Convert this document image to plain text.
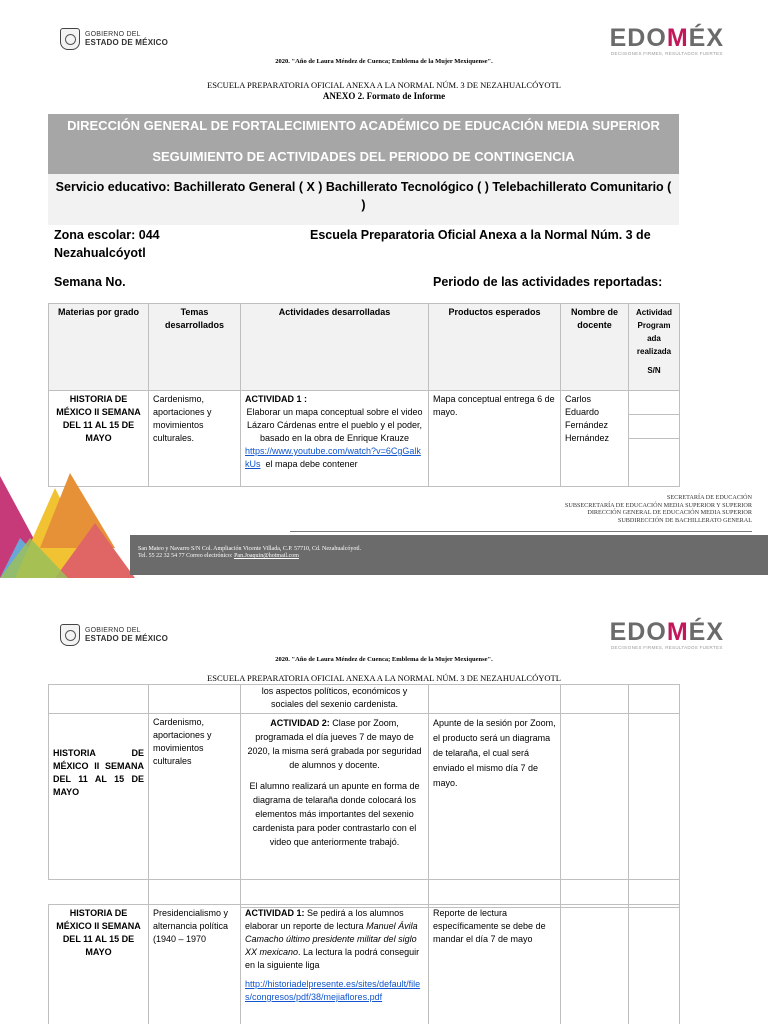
GOBIERNO DEL
ESTADO DE MÉXICO	EDOMÉX
DECISIONES FIRMES, RESULTADOS FUERTES
2020. "Año de Laura Méndez de Cuenca; Emblema de la Mujer Mexiquense".
ESCUELA PREPARATORIA OFICIAL ANEXA A LA NORMAL NÚM. 3 DE NEZAHUALCÓYOTL
ANEXO 2. Formato de Informe
DIRECCIÓN GENERAL DE FORTALECIMIENTO ACADÉMICO DE EDUCACIÓN MEDIA SUPERIOR
SEGUIMIENTO DE ACTIVIDADES DEL PERIODO DE CONTINGENCIA
Servicio educativo: Bachillerato General ( X ) Bachillerato Tecnológico ( ) Telebachillerato Comunitario ( )
Zona escolar: 044	Escuela Preparatoria Oficial Anexa a la Normal Núm. 3 de
Nezahualcóyotl
Semana No.	Periodo de las actividades reportadas:
Materias por grado	Temas desarrollados	Actividades desarrolladas	Productos esperados	Nombre de docente	Actividad Program ada realizada
S/N

HISTORIA DE MÉXICO II SEMANA DEL 11 AL 15 DE MAYO	Cardenismo, aportaciones y movimientos culturales.	ACTIVIDAD 1 :
Elaborar un mapa conceptual sobre el video Lázaro Cárdenas entre el pueblo y el poder, basado en la obra de Enrique Krauze
https://www.youtube.com/watch?v=6CgGalkkUs el mapa debe contener	Mapa conceptual entrega 6 de mayo.	Carlos Eduardo Fernández Hernández	
SECRETARÍA DE EDUCACIÓN
SUBSECRETARÍA DE EDUCACIÓN MEDIA SUPERIOR Y SUPERIOR
DIRECCIÓN GENERAL DE EDUCACIÓN MEDIA SUPERIOR
SUBDIRECCIÓN DE BACHILLERATO GENERAL
San Mateo y Navarro S/N Col. Ampliación Vicente Villada, C.P. 57710, Cd. Nezahualcóyotl.
Tel. 55 22 32 54 77 Correo electrónico: Pan.Joaquin@hotmail.com
GOBIERNO DEL
ESTADO DE MÉXICO	EDOMÉX
DECISIONES FIRMES, RESULTADOS FUERTES
2020. "Año de Laura Méndez de Cuenca; Emblema de la Mujer Mexiquense".
ESCUELA PREPARATORIA OFICIAL ANEXA A LA NORMAL NÚM. 3 DE NEZAHUALCÓYOTL
		los aspectos políticos, económicos y sociales del sexenio cardenista.			
HISTORIA DE MÉXICO II SEMANA DEL 11 AL 15 DE MAYO	Cardenismo, aportaciones y movimientos culturales	ACTIVIDAD 2: Clase por Zoom, programada el día jueves 7 de mayo de 2020, la misma será grabada por seguridad de alumnos y docente.
El alumno realizará un apunte en forma de diagrama de telaraña donde colocará los elementos más importantes del sexenio cardenista para poder contrastarlo con el video que anteriormente trabajó.	Apunte de la sesión por Zoom, el producto será un diagrama de telaraña, el cual será enviado el mismo día 7 de mayo.		

HISTORIA DE MÉXICO II SEMANA DEL 11 AL 15 DE MAYO	Presidencialismo y alternancia política (1940 – 1970	
ACTIVIDAD 1: Se pedirá a los alumnos elaborar un reporte de lectura Manuel Ávila Camacho último presidente militar del siglo XX mexicano. La lectura la podrá conseguir en la siguiente liga
http://historiadelpresente.es/sites/default/files/congresos/pdf/38/mejiaflores.pdf
	Reporte de lectura específicamente se debe de mandar el día 7 de mayo		
